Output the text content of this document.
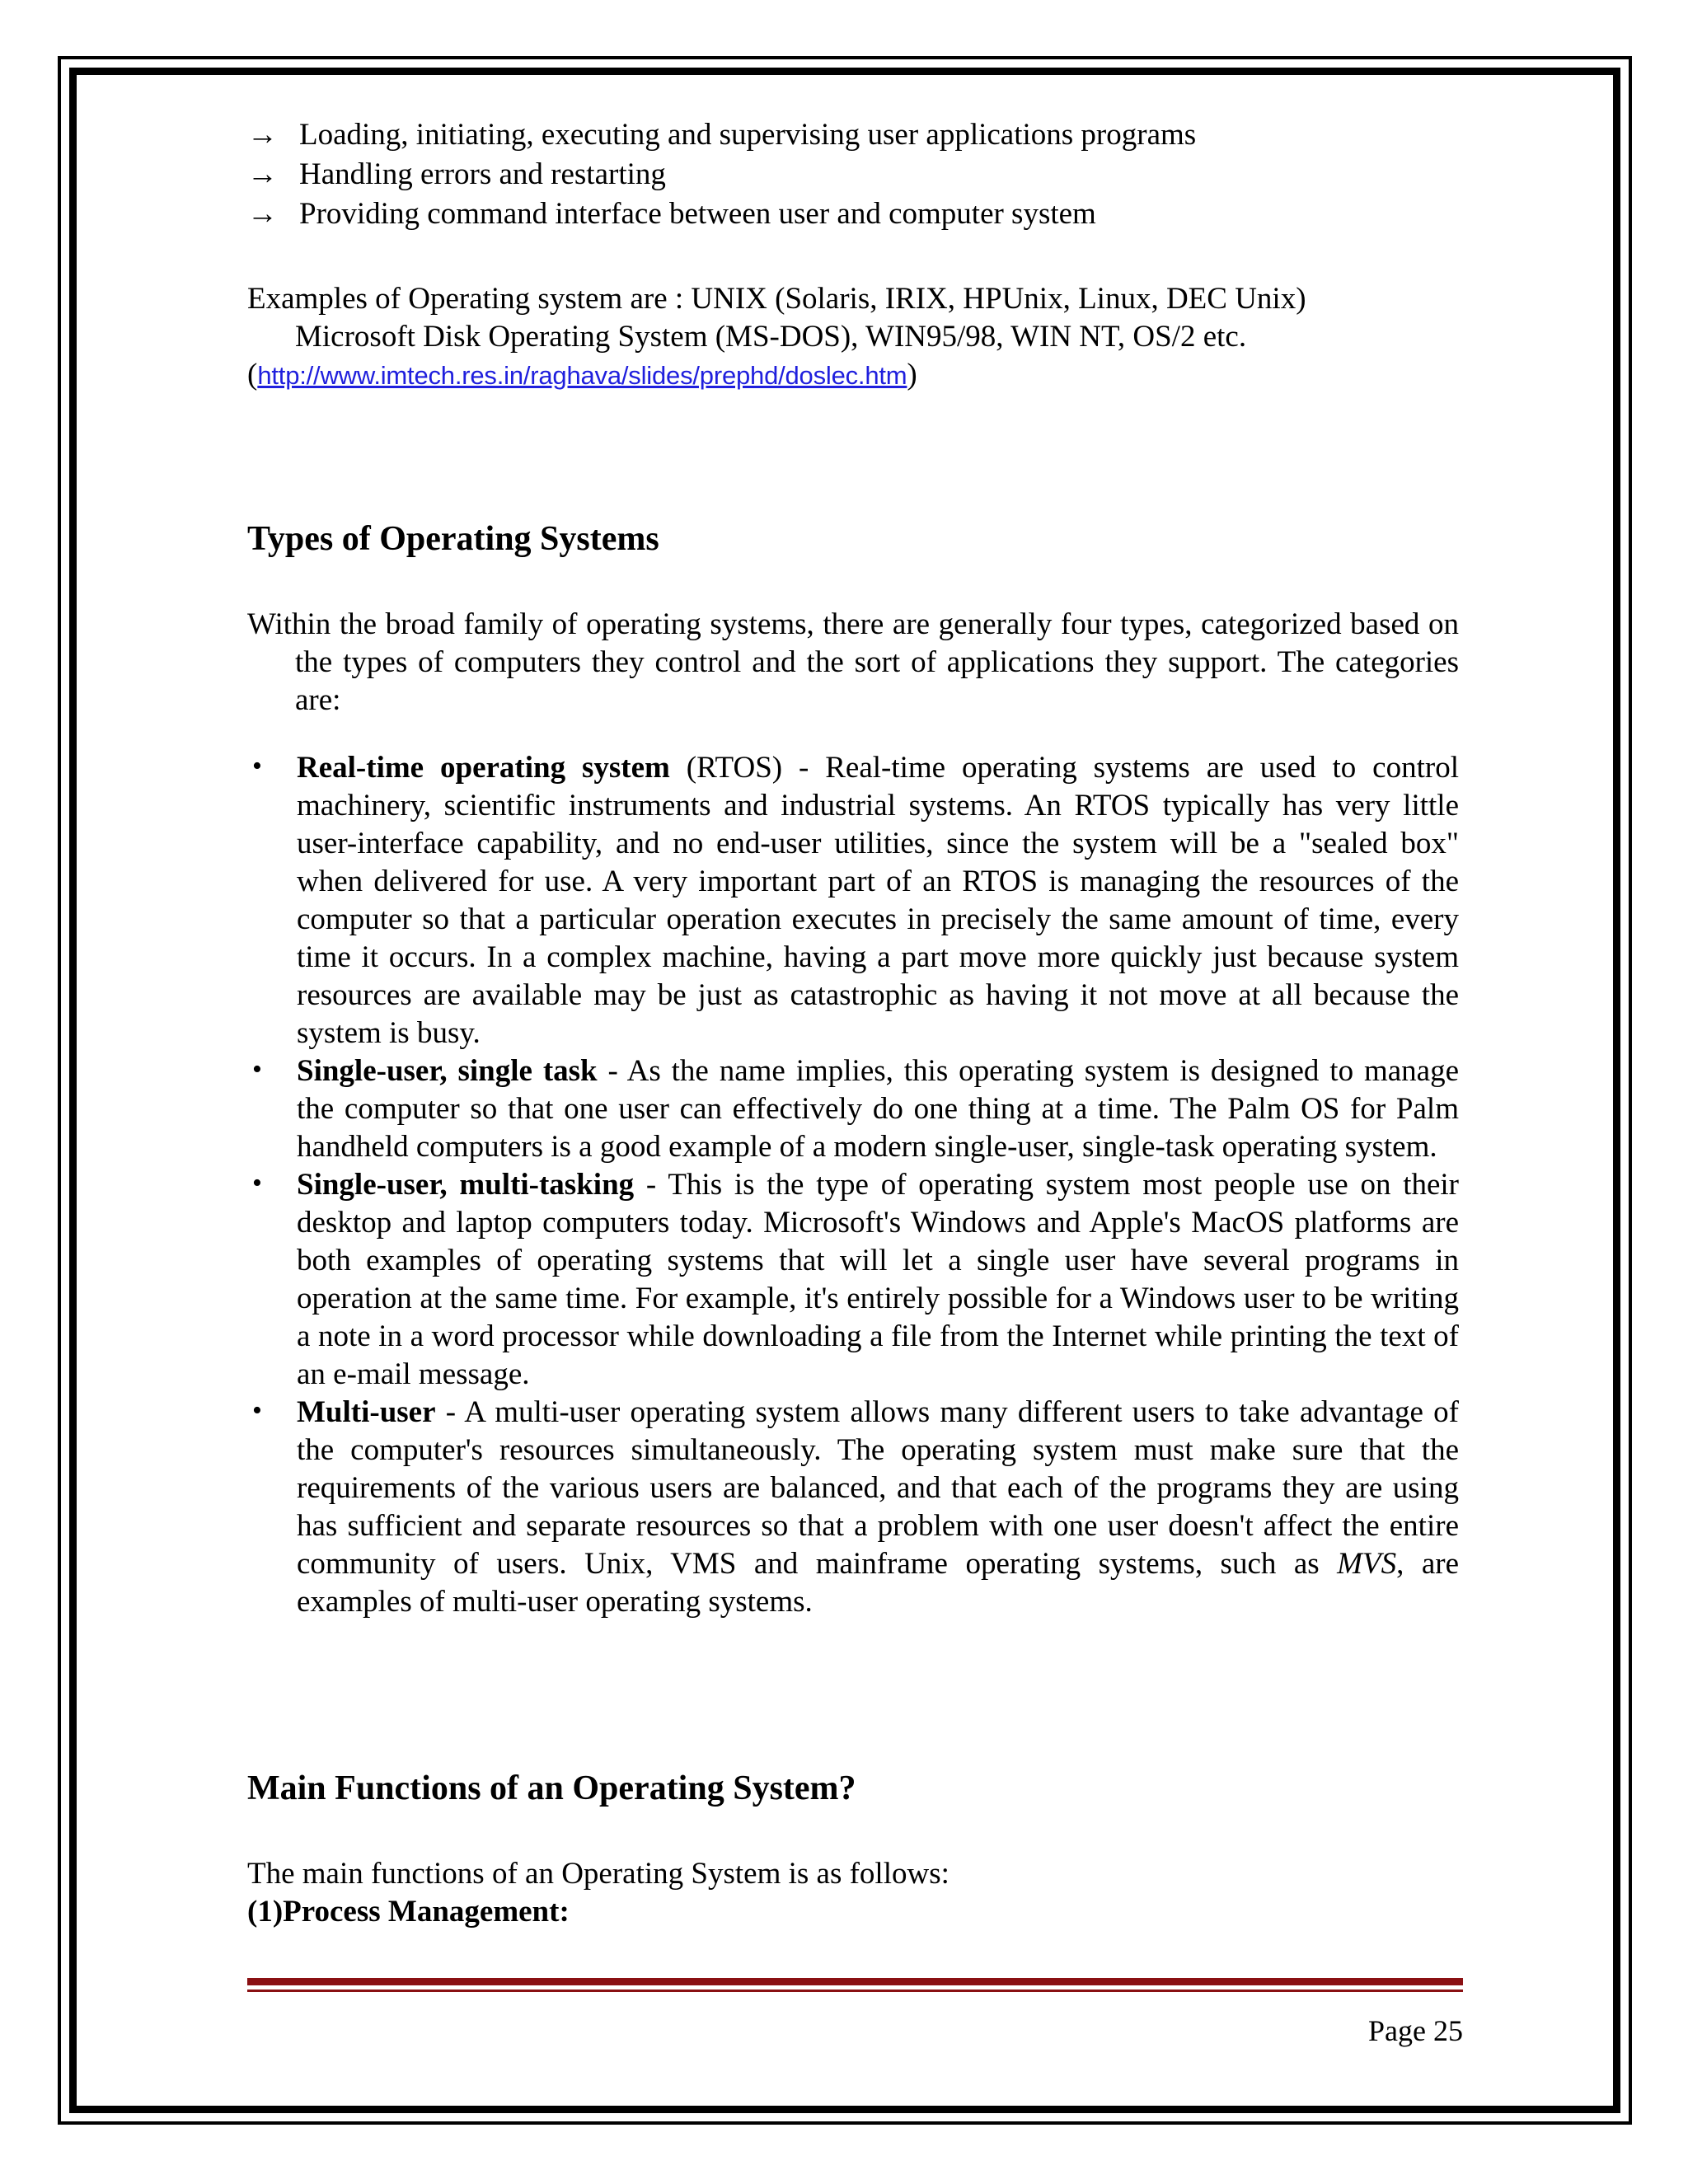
→ Loading, initiating, executing and supervising user applications programs
→ Handling errors and restarting
→ Providing command interface between user and computer system
Examples of Operating system are : UNIX (Solaris, IRIX, HPUnix, Linux, DEC Unix)
Microsoft Disk Operating System (MS-DOS), WIN95/98, WIN NT, OS/2 etc.
(http://www.imtech.res.in/raghava/slides/prephd/doslec.htm)
Types of Operating Systems
Within the broad family of operating systems, there are generally four types, categorized based on the types of computers they control and the sort of applications they support. The categories are:
• Real-time operating system (RTOS) - Real-time operating systems are used to control machinery, scientific instruments and industrial systems. An RTOS typically has very little user-interface capability, and no end-user utilities, since the system will be a "sealed box" when delivered for use. A very important part of an RTOS is managing the resources of the computer so that a particular operation executes in precisely the same amount of time, every time it occurs. In a complex machine, having a part move more quickly just because system resources are available may be just as catastrophic as having it not move at all because the system is busy.
• Single-user, single task - As the name implies, this operating system is designed to manage the computer so that one user can effectively do one thing at a time. The Palm OS for Palm handheld computers is a good example of a modern single-user, single-task operating system.
• Single-user, multi-tasking - This is the type of operating system most people use on their desktop and laptop computers today. Microsoft's Windows and Apple's MacOS platforms are both examples of operating systems that will let a single user have several programs in operation at the same time. For example, it's entirely possible for a Windows user to be writing a note in a word processor while downloading a file from the Internet while printing the text of an e-mail message.
• Multi-user - A multi-user operating system allows many different users to take advantage of the computer's resources simultaneously. The operating system must make sure that the requirements of the various users are balanced, and that each of the programs they are using has sufficient and separate resources so that a problem with one user doesn't affect the entire community of users. Unix, VMS and mainframe operating systems, such as MVS, are examples of multi-user operating systems.
Main Functions of an Operating System?
The main functions of an Operating System is as follows:
(1)Process Management:
Page 25
